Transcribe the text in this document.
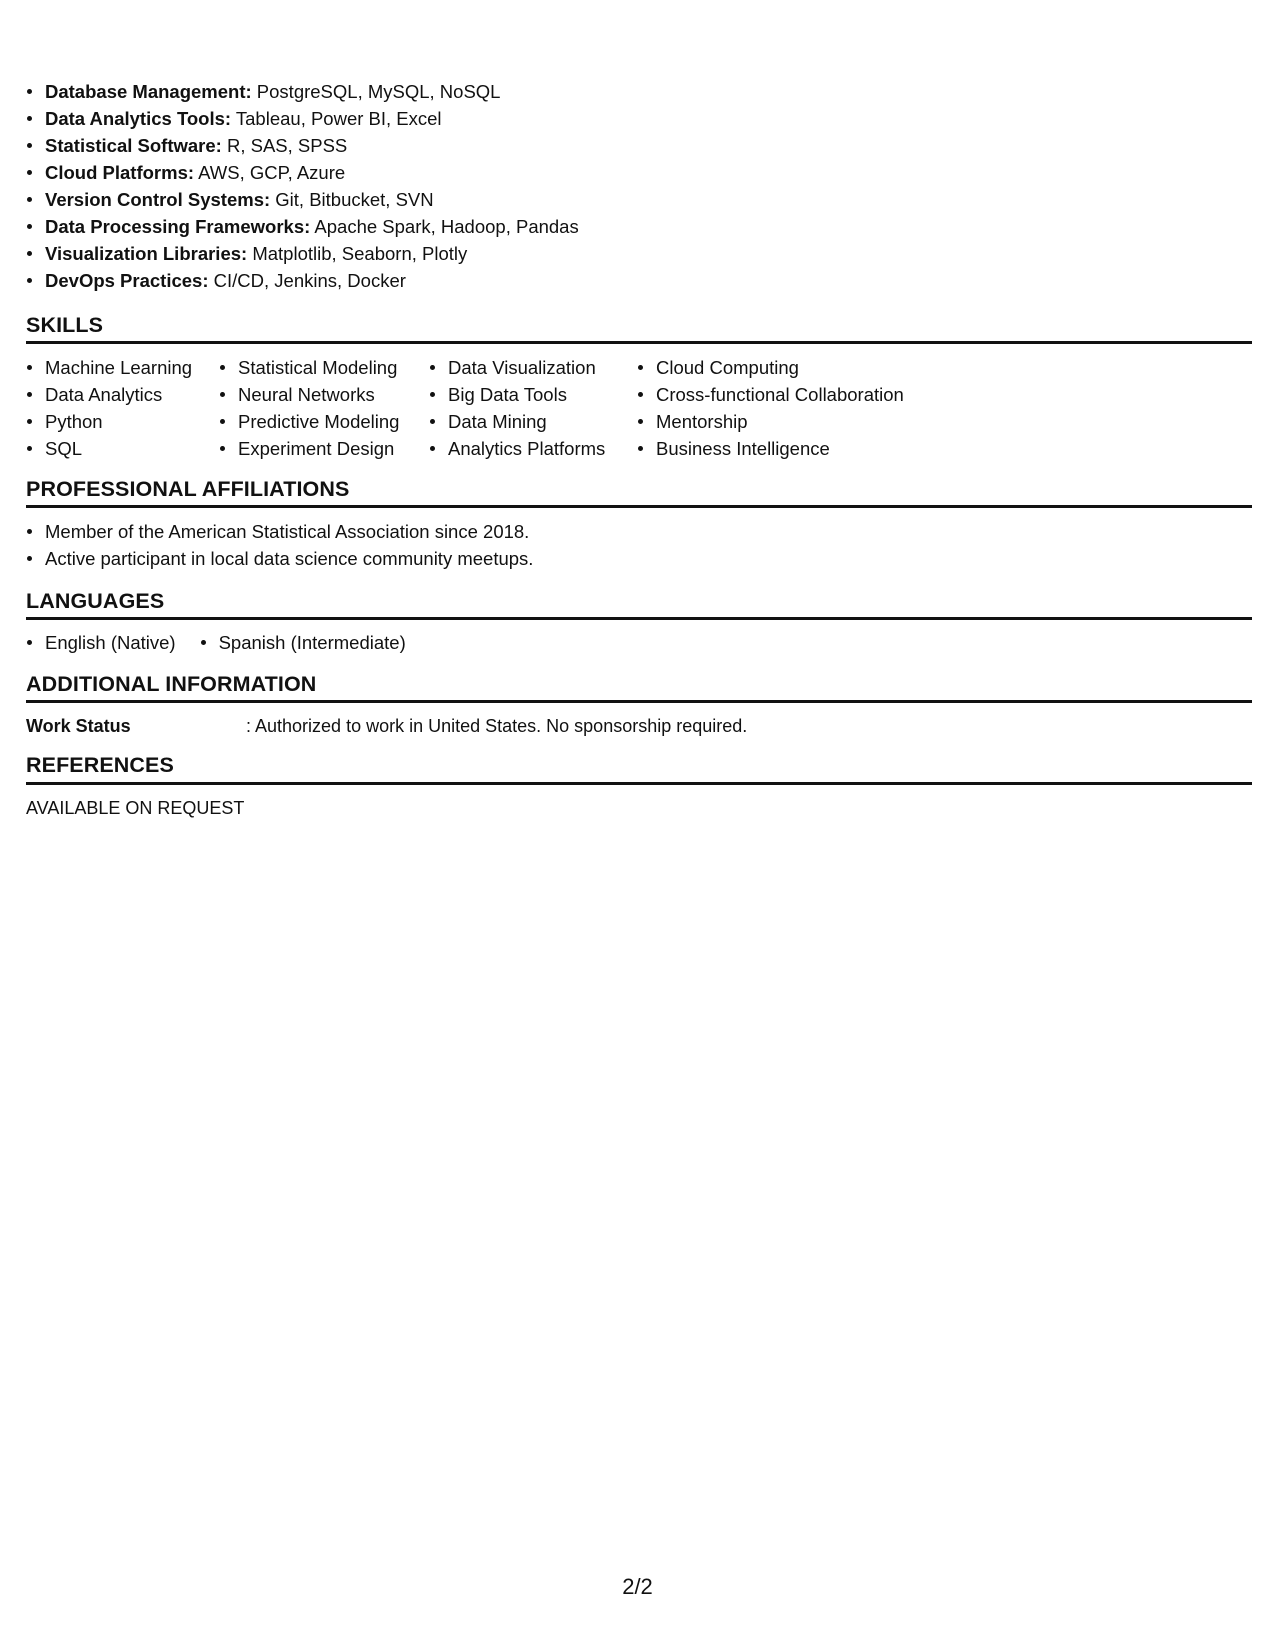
Database Management: PostgreSQL, MySQL, NoSQL
Data Analytics Tools: Tableau, Power BI, Excel
Statistical Software: R, SAS, SPSS
Cloud Platforms: AWS, GCP, Azure
Version Control Systems: Git, Bitbucket, SVN
Data Processing Frameworks: Apache Spark, Hadoop, Pandas
Visualization Libraries: Matplotlib, Seaborn, Plotly
DevOps Practices: CI/CD, Jenkins, Docker
SKILLS
Machine Learning
Data Analytics
Python
SQL
Statistical Modeling
Neural Networks
Predictive Modeling
Experiment Design
Data Visualization
Big Data Tools
Data Mining
Analytics Platforms
Cloud Computing
Cross-functional Collaboration
Mentorship
Business Intelligence
PROFESSIONAL AFFILIATIONS
Member of the American Statistical Association since 2018.
Active participant in local data science community meetups.
LANGUAGES
English (Native)	Spanish (Intermediate)
ADDITIONAL INFORMATION
Work Status	: Authorized to work in United States. No sponsorship required.
REFERENCES
AVAILABLE ON REQUEST
2/2
